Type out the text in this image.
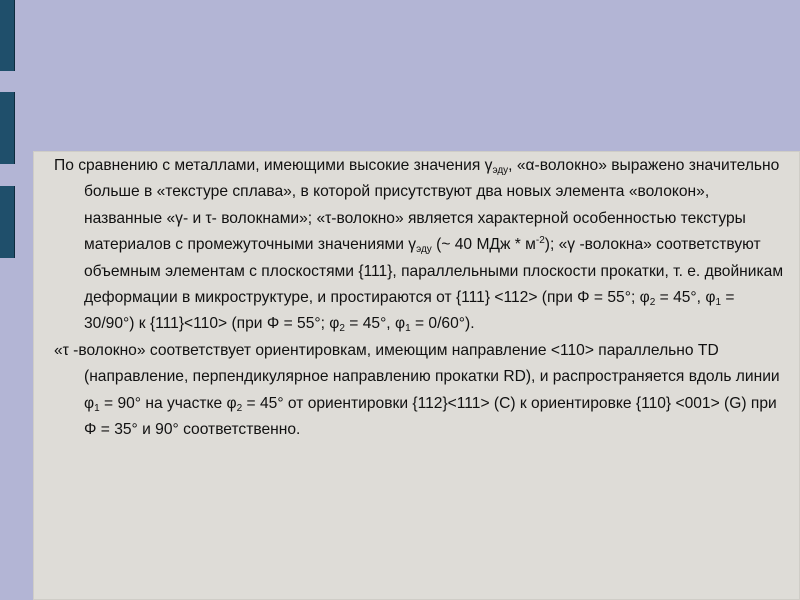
По сравнению с металлами, имеющими высокие значения $\gamma_{эду}$, «α-волокно» выражено значительно больше в «текстуре сплава», в которой присутствуют два новых элемента «волокон», названные «γ- и τ- волокнами»; «τ-волокно» является характерной особенностью текстуры материалов с промежуточными значениями $\gamma_{эду}$ (~ 40 МДж * $м^{-2}$); «γ -волокна» соответствуют объемным элементам с плоскостями {111}, параллельными плоскости прокатки, т. е. двойникам деформации в микроструктуре, и простираются от {111} <112> (при Φ = 55°; $\varphi_2 = 45^\circ$, $\varphi_1 = 30/90^\circ$) к {111}<110> (при Φ = 55°; $\varphi_2 = 45^\circ$, $\varphi_1 = 0/60^\circ$).

«τ -волокно» соответствует ориентировкам, имеющим направление <110> параллельно TD (направление, перпендикулярное направлению прокатки RD), и распространяется вдоль линии $\varphi_1 = 90^\circ$ на участке $\varphi_2 = 45^\circ$ от ориентировки {112}<111> (C) к ориентировке {110} <001> (G) при Φ = 35° и 90° соответственно.
